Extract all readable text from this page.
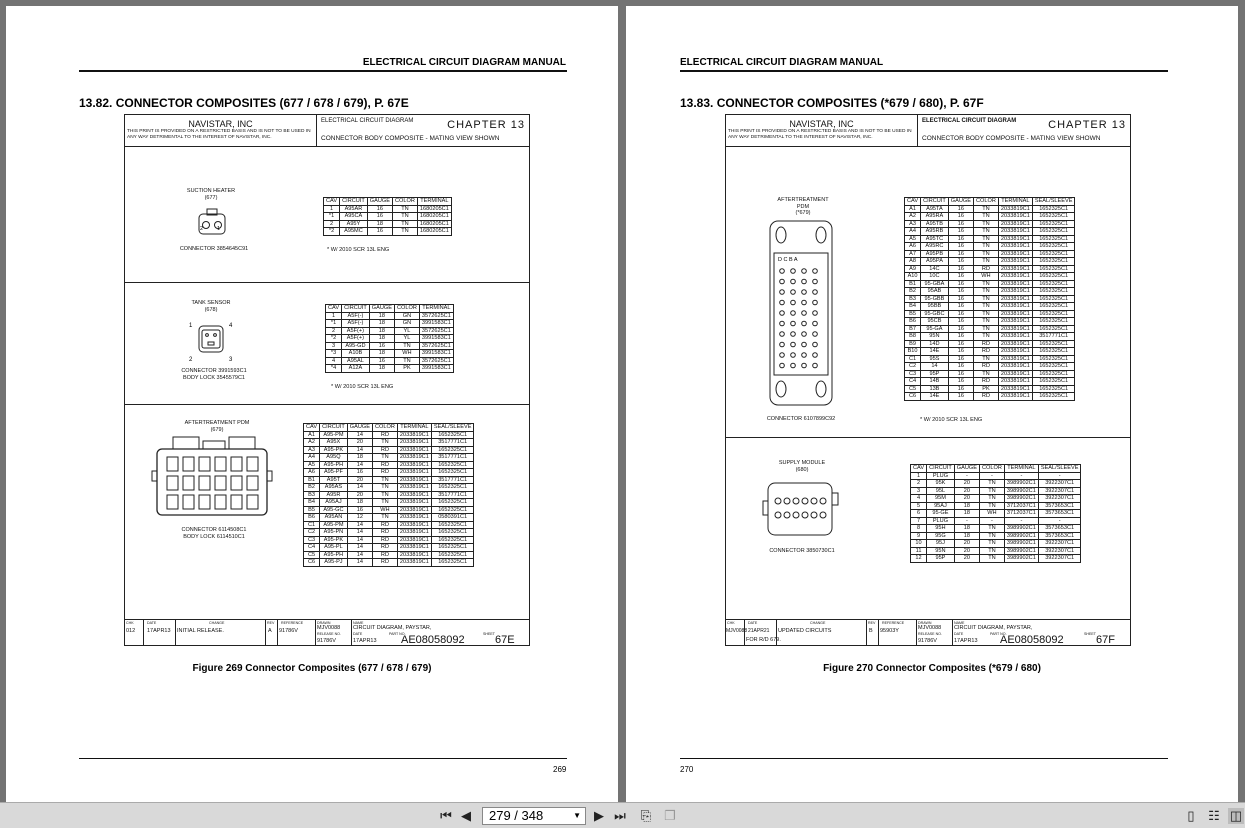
ELECTRICAL CIRCUIT DIAGRAM MANUAL
13.82. CONNECTOR COMPOSITES (677 / 678 / 679), P. 67E
NAVISTAR, INC
THIS PRINT IS PROVIDED ON A RESTRICTED BASIS AND IS NOT TO BE USED IN ANY WAY DETRIMENTAL TO THE INTEREST OF NAVISTAR, INC.
ELECTRICAL CIRCUIT DIAGRAM	CHAPTER 13
CONNECTOR BODY COMPOSITE - MATING VIEW SHOWN
SUCTION HEATER
(677)
2	1
CONNECTOR 3854645C91
CAV	CIRCUIT	GAUGE	COLOR	TERMINAL
1	A95AR	16	TN	1680205C1
*1	A95CA	16	TN	1680205C1
2	A95Y	18	TN	1680205C1
*2	A95MC	16	TN	1680205C1
* W/ 2010 SCR 13L ENG
TANK SENSOR
(678)
1	4
2	3
CONNECTOR 3991593C1
BODY LOCK 3545579C1
CAV	CIRCUIT	GAUGE	COLOR	TERMINAL
1	A5F(-)	18	GN	3572625C1
*1	A5F(-)	18	GN	3991583C1
2	A5F(+)	18	YL	3572625C1
*2	A5F(+)	18	YL	3991583C1
3	A95-GD	16	TN	3572625C1
*3	A10B	18	WH	3991583C1
4	A95AL	16	TN	3572625C1
*4	A12A	18	PK	3991583C1
* W/ 2010 SCR 13L ENG
AFTERTREATMENT PDM
(679)
CONNECTOR 6114508C1
BODY LOCK 6114510C1
CAV	CIRCUIT	GAUGE	COLOR	TERMINAL	SEAL/SLEEVE
A1	A95-PM	14	RD	2033819C1	1652325C1
A2	A95X	20	TN	2033819C1	3517771C1
A3	A95-PK	14	RD	2033819C1	1652325C1
A4	A95Q	18	TN	2033819C1	3517771C1
A5	A95-PH	14	RD	2033819C1	1652325C1
A6	A95-PF	16	RD	2033819C1	1652325C1
B1	A95T	20	TN	2033819C1	3517771C1
B2	A95AS	14	TN	2033819C1	1652325C1
B3	A95R	20	TN	2033819C1	3517771C1
B4	A95AJ	18	TN	2033819C1	1652325C1
B5	A95-GC	16	WH	2033819C1	1652325C1
B6	A95AN	12	TN	2033819C1	0580391C1
C1	A95-PM	14	RD	2033819C1	1652325C1
C2	A95-PN	14	RD	2033819C1	1652325C1
C3	A95-PK	14	RD	2033819C1	1652325C1
C4	A95-PL	14	RD	2033819C1	1652325C1
C5	A95-PH	14	RD	2033819C1	1652325C1
C6	A95-PJ	14	RD	2033819C1	1652325C1
CHK	DATE	CHANGE	REV REFERENCE	DRAWN	NAME
RELEASE NO.	DATE	PART NO.	SHEET
012 17APR13 INITIAL RELEASE.	A 91786V	MJV0088 CIRCUIT DIAGRAM, PAYSTAR,
91786V	17APR13 AE08058092	67E
Figure 269 Connector Composites (677 / 678 / 679)
269
ELECTRICAL CIRCUIT DIAGRAM MANUAL
13.83. CONNECTOR COMPOSITES (*679 / 680), P. 67F
NAVISTAR, INC
THIS PRINT IS PROVIDED ON A RESTRICTED BASIS AND IS NOT TO BE USED IN ANY WAY DETRIMENTAL TO THE INTEREST OF NAVISTAR, INC.
ELECTRICAL CIRCUIT DIAGRAM	CHAPTER 13
CONNECTOR BODY COMPOSITE - MATING VIEW SHOWN
AFTERTREATMENT
PDM
(*679)
D C B A
CONNECTOR 6107899C92
CAV	CIRCUIT	GAUGE	COLOR	TERMINAL	SEAL/SLEEVE
A1	A95TA	16	TN	2033819C1	1652325C1
A2	A95RA	16	TN	2033819C1	1652325C1
A3	A95TB	16	TN	2033819C1	1652325C1
A4	A95RB	16	TN	2033819C1	1652325C1
A5	A95TC	16	TN	2033819C1	1652325C1
A6	A95RC	16	TN	2033819C1	1652325C1
A7	A95PB	16	TN	2033819C1	1652325C1
A8	A95PA	16	TN	2033819C1	1652325C1
A9	14C	16	RD	2033819C1	1652325C1
A10	10C	16	WH	2033819C1	1652325C1
B1	95-GBA	16	TN	2033819C1	1652325C1
B2	95AB	16	TN	2033819C1	1652325C1
B3	95-GBB	16	TN	2033819C1	1652325C1
B4	95BB	16	TN	2033819C1	1652325C1
B5	95-GBC	16	TN	2033819C1	1652325C1
B6	95CB	16	TN	2033819C1	1652325C1
B7	95-GA	16	TN	2033819C1	1652325C1
B8	95N	16	TN	2033819C1	3517771C1
B9	14D	16	RD	2033819C1	1652325C1
B10	14E	16	RD	2033819C1	1652325C1
C1	95S	16	TN	2033819C1	1652325C1
C2	14	16	RD	2033819C1	1652325C1
C3	95P	16	TN	2033819C1	1652325C1
C4	14B	16	RD	2033819C1	1652325C1
C5	13B	16	PK	2033819C1	1652325C1
C6	14E	16	RD	2033819C1	1652325C1
* W/ 2010 SCR 13L ENG
SUPPLY MODULE
(680)
CONNECTOR 3850730C1
CAV	CIRCUIT	GAUGE	COLOR	TERMINAL	SEAL/SLEEVE
1	PLUG	-	-	-	-
2	95K	20	TN	3989902C1	3922307C1
3	95L	20	TN	3989902C1	3922307C1
4	95M	20	TN	3989902C1	3922307C1
5	95AJ	18	TN	3712037C1	3573653C1
6	95-GE	18	WH	3712037C1	3573653C1
7	PLUG	-	-	-	-
8	95H	18	TN	3989902C1	3573653C1
9	95G	18	TN	3989902C1	3573653C1
10	95J	20	TN	3989902C1	3922307C1
11	95N	20	TN	3989902C1	3922307C1
12	95P	20	TN	3989902C1	3922307C1
CHK	DATE	CHANGE	REV REFERENCE	DRAWN	NAME
RELEASE NO.	DATE	PART NO.	SHEET
MJV0088 21APR21 UPDATED CIRCUITS
FOR R/D 679.
B 95903Y	MJV0088 CIRCUIT DIAGRAM, PAYSTAR,
91786V	17APR13 AE08058092	67F
Figure 270 Connector Composites (*679 / 680)
270
⏮ ◀	279 / 348	▼ ▶ ⏭ ⎘ ❐	▯	☷ ◫
